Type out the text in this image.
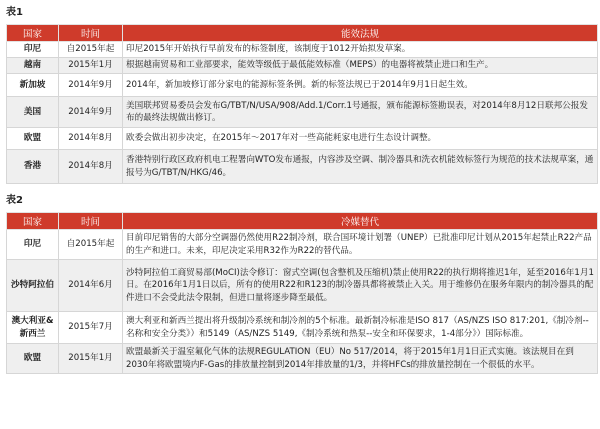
表1
国家	时间	能效法规
印尼	自2015年起	印尼2015年开始执行早前发布的标签制度，该制度于1012开始拟发草案。
越南	2015年1月	根据越南贸易和工业部要求，能效等级低于最低能效标准（MEPS）的电器将被禁止进口和生产。
新加坡	2014年9月	2014年，新加坡修订部分家电的能源标签条例。新的标签法规已于2014年9月1日起生效。
美国	2014年9月	美国联邦贸易委员会发布G/TBT/N/USA/908/Add.1/Corr.1号通报，颁布能源标签勘误表，对2014年8月12日联邦公报发布的最终法规做出修订。
欧盟	2014年8月	欧委会做出初步决定，在2015年～2017年对一些高能耗家电进行生态设计调整。
香港	2014年8月	香港特别行政区政府机电工程署向WTO发布通报，内容涉及空调、制冷器具和洗衣机能效标签行为规范的技术法规草案，通报号为G/TBT/N/HKG/46。
表2
国家	时间	冷媒替代
印尼	自2015年起	目前印尼销售的大部分空调器仍然使用R22制冷剂，联合国环境计划署（UNEP）已批准印尼计划从2015年起禁止R22产品的生产和进口。未来，印尼决定采用R32作为R22的替代品。
沙特阿拉伯	2014年6月	沙特阿拉伯工商贸易部(MoCI)法令修订：窗式空调(包含整机及压缩机)禁止使用R22的执行期将推迟1年，延至2016年1月1日。在2016年1月1日以后，所有的使用R22和R123的制冷器具都将被禁止入关。用于维修仍在服务年限内的制冷器具的配件进口不会受此法令限制，但进口量将逐步降至最低。
澳大利亚&新西兰	2015年7月	澳大利亚和新西兰提出将升级制冷系统和制冷剂的5个标准。最新制冷标准是ISO 817（AS/NZS ISO 817:201,《制冷剂--名称和安全分类》）和5149（AS/NZS 5149,《制冷系统和热泵--安全和环保要求，1-4部分》）国际标准。
欧盟	2015年1月	欧盟最新关于温室氟化气体的法规REGULATION（EU）No 517/2014，将于2015年1月1日正式实施。该法规目在到2030年将欧盟境内F-Gas的排放量控制到2014年排放量的1/3，并将HFCs的排放量控制在一个很低的水平。
